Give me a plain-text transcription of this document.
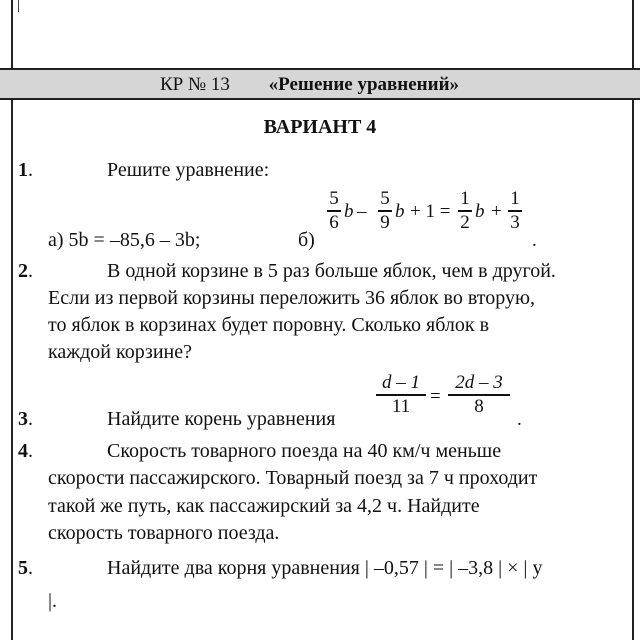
КР № 13 «Решение уравнений»
ВАРИАНТ 4
1.	Решите уравнение:
а) 5b = –85,6 – 3b;	б)
5
6 b –
5
9 b + 1 =
1
2 b +
1
3
.
2.	В одной корзине в 5 раз больше яблок, чем в другой.
Если из первой корзины переложить 36 яблок во вторую,
то яблок в корзинах будет поровну. Сколько яблок в
каждой корзине?
3.	Найдите корень уравнения
d – 1
11	=
2d – 3
8
.
4.	Скорость товарного поезда на 40 км/ч меньше
скорости пассажирского. Товарный поезд за 7 ч проходит
такой же путь, как пассажирский за 4,2 ч. Найдите
скорость товарного поезда.
5.	Найдите два корня уравнения | –0,57 | = | –3,8 | × | y
|.
